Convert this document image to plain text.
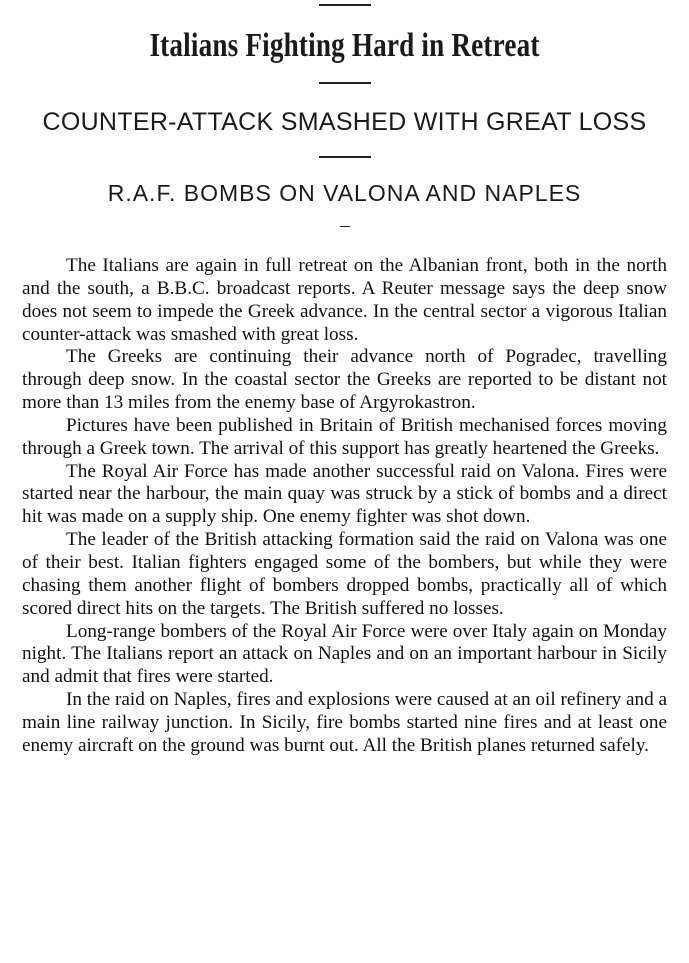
Italians Fighting Hard in Retreat
COUNTER-ATTACK SMASHED WITH GREAT LOSS
R.A.F. BOMBS ON VALONA AND NAPLES

The Italians are again in full retreat on the Albanian front, both in the north and the south, a B.B.C. broadcast reports. A Reuter message says the deep snow does not seem to impede the Greek advance. In the central sector a vigorous Italian counter-attack was smashed with great loss.

The Greeks are continuing their advance north of Pogradec, travelling through deep snow. In the coastal sector the Greeks are reported to be distant not more than 13 miles from the enemy base of Argyrokastron.

Pictures have been published in Britain of British mechanised forces moving through a Greek town. The arrival of this support has greatly heartened the Greeks.

The Royal Air Force has made another successful raid on Valona. Fires were started near the harbour, the main quay was struck by a stick of bombs and a direct hit was made on a supply ship. One enemy fighter was shot down.

The leader of the British attacking formation said the raid on Valona was one of their best. Italian fighters engaged some of the bombers, but while they were chasing them another flight of bombers dropped bombs, practically all of which scored direct hits on the targets. The British suffered no losses.

Long-range bombers of the Royal Air Force were over Italy again on Monday night. The Italians report an attack on Naples and on an important harbour in Sicily and admit that fires were started.

In the raid on Naples, fires and explosions were caused at an oil refinery and a main line railway junction. In Sicily, fire bombs started nine fires and at least one enemy aircraft on the ground was burnt out. All the British planes returned safely.
